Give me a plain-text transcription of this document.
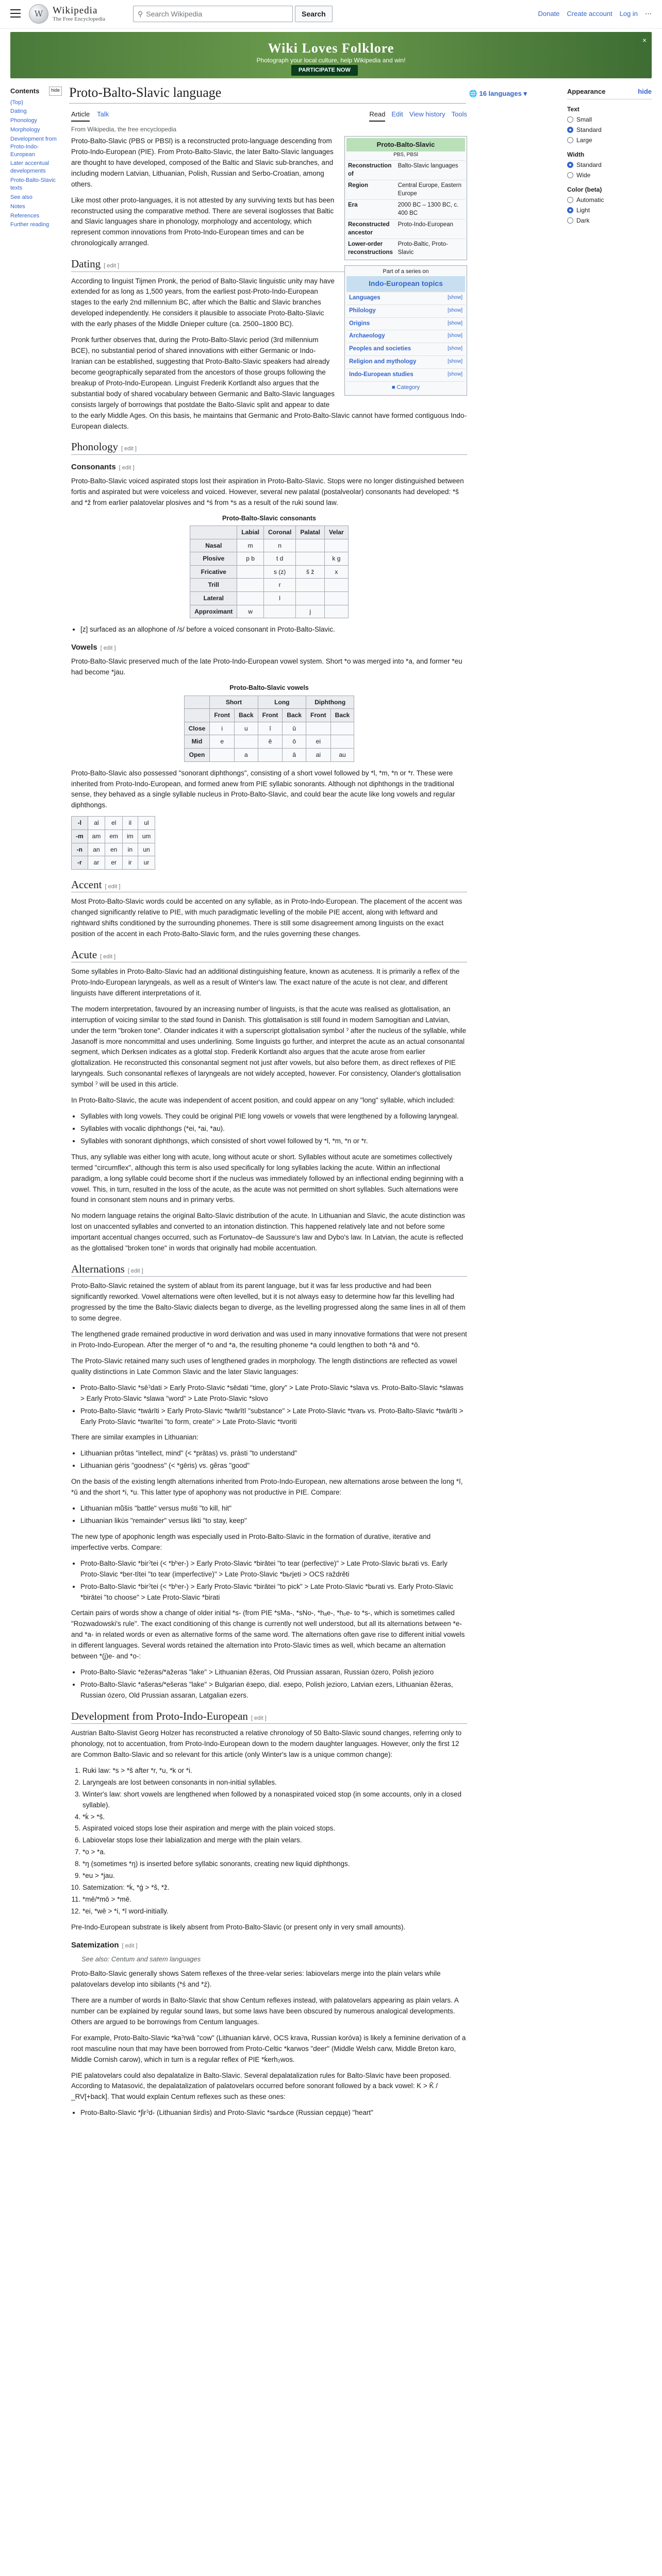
W Wikipedia
The Free Encyclopedia
⚲ Search Wikipedia	Search	Donate Create account Log in ⋯
Wiki Loves Folklore
Photograph your local culture, help Wikipedia and win!
PARTICIPATE NOW
×
Contents	hide
(Top)
Dating
Phonology
Morphology
Development from Proto-Indo-European
Later accentual developments
Proto-Balto-Slavic texts
See also
Notes
References
Further reading
Proto-Balto-Slavic language	🌐 16 languages ▾
Article Talk	Read Edit View history Tools
From Wikipedia, the free encyclopedia
Appearance	hide
Text
Small
Standard
Large
Width
Standard
Wide
Color (beta)
Automatic
Light
Dark
Proto-Balto-Slavic
PBS, PBSl
Reconstruction of	Balto-Slavic languages
Region	Central Europe, Eastern Europe
Era	2000 BC – 1300 BC, c. 400 BC
Reconstructed ancestor	Proto-Indo-European
Lower-order reconstructions	Proto-Baltic, Proto-Slavic
Part of a series on
Indo-European topics
Languages	[show]
Philology	[show]
Origins	[show]
Archaeology	[show]
Peoples and societies	[show]
Religion and mythology	[show]
Indo-European studies	[show]
■ Category

Proto-Balto-Slavic (PBS or PBSl) is a reconstructed proto-language descending from Proto-Indo-European (PIE). From Proto-Balto-Slavic, the later Balto-Slavic languages are thought to have developed, composed of the Baltic and Slavic sub-branches, and including modern Latvian, Lithuanian, Polish, Russian and Serbo-Croatian, among others.

Like most other proto-languages, it is not attested by any surviving texts but has been reconstructed using the comparative method. There are several isoglosses that Baltic and Slavic languages share in phonology, morphology and accentology, which represent common innovations from Proto-Indo-European times and can be chronologically arranged.

Dating [ edit ]

According to linguist Tijmen Pronk, the period of Balto-Slavic linguistic unity may have extended for as long as 1,500 years, from the earliest post-Proto-Indo-European stages to the early 2nd millennium BC, after which the Baltic and Slavic branches developed independently. He considers it plausible to associate Proto-Balto-Slavic with the early phases of the Middle Dnieper culture (ca. 2500–1800 BC).

Pronk further observes that, during the Proto-Balto-Slavic period (3rd millennium BCE), no substantial period of shared innovations with either Germanic or Indo-Iranian can be established, suggesting that Proto-Balto-Slavic speakers had already become geographically separated from the ancestors of those groups following the breakup of Proto-Indo-European. Linguist Frederik Kortlandt also argues that the substantial body of shared vocabulary between Germanic and Balto-Slavic languages consists largely of borrowings that postdate the Balto-Slavic split and appear to date to the early Middle Ages. On this basis, he maintains that Germanic and Proto-Balto-Slavic cannot have formed contiguous Indo-European dialects.

Phonology [ edit ]
Consonants [ edit ]

Proto-Balto-Slavic voiced aspirated stops lost their aspiration in Proto-Balto-Slavic. Stops were no longer distinguished between fortis and aspirated but were voiceless and voiced. However, several new palatal (postalveolar) consonants had developed: *š and *ž from earlier palatovelar plosives and *ś from *s as a result of the ruki sound law.

Proto-Balto-Slavic consonants
	Labial	Coronal	Palatal	Velar
Nasal	m	n		
Plosive	p b	t d		k g
Fricative		s (z)	š ž	x
Trill		r		
Lateral		l		
Approximant	w		j	
• [z] surfaced as an allophone of /s/ before a voiced consonant in Proto-Balto-Slavic.
Vowels [ edit ]

Proto-Balto-Slavic preserved much of the late Proto-Indo-European vowel system. Short *o was merged into *a, and former *eu had become *jau.

Proto-Balto-Slavic vowels
	Short		Long		Diphthong	
	Front	Back	Front	Back	Front	Back
Close	i	u	ī	ū		
Mid	e		ē	ō	ei	
Open		a		ā	ai	au

Proto-Balto-Slavic also possessed "sonorant diphthongs", consisting of a short vowel followed by *l, *m, *n or *r. These were inherited from Proto-Indo-European, and formed anew from PIE syllabic sonorants. Although not diphthongs in the traditional sense, they behaved as a single syllable nucleus in Proto-Balto-Slavic, and could bear the acute like long vowels and regular diphthongs.

-l	al	el	il	ul
-m	am	em	im	um
-n	an	en	in	un
-r	ar	er	ir	ur
Accent [ edit ]

Most Proto-Balto-Slavic words could be accented on any syllable, as in Proto-Indo-European. The placement of the accent was changed significantly relative to PIE, with much paradigmatic levelling of the mobile PIE accent, along with leftward and rightward shifts conditioned by the surrounding phonemes. There is still some disagreement among linguists on the exact position of the accent in each Proto-Balto-Slavic form, and the rules governing these changes.

Acute [ edit ]

Some syllables in Proto-Balto-Slavic had an additional distinguishing feature, known as acuteness. It is primarily a reflex of the Proto-Indo-European laryngeals, as well as a result of Winter's law. The exact nature of the acute is not clear, and different linguists have different interpretations of it.

The modern interpretation, favoured by an increasing number of linguists, is that the acute was realised as glottalisation, an interruption of voicing similar to the stød found in Danish. This glottalisation is still found in modern Samogitian and Latvian, under the term "broken tone". Olander indicates it with a superscript glottalisation symbol ˀ after the nucleus of the syllable, while Jasanoff is more noncommittal and uses underlining. Some linguists go further, and interpret the acute as an actual consonantal segment, which Derksen indicates as a glottal stop. Frederik Kortlandt also argues that the acute arose from earlier glottalization. He reconstructed this consonantal segment not just after vowels, but also before them, as direct reflexes of PIE laryngeals. Such consonantal reflexes of laryngeals are not widely accepted, however. For consistency, Olander's glottalisation symbol ˀ will be used in this article.

In Proto-Balto-Slavic, the acute was independent of accent position, and could appear on any "long" syllable, which included:

• Syllables with long vowels. They could be original PIE long vowels or vowels that were lengthened by a following laryngeal.
• Syllables with vocalic diphthongs (*ei, *ai, *au).
• Syllables with sonorant diphthongs, which consisted of short vowel followed by *l, *m, *n or *r.

Thus, any syllable was either long with acute, long without acute or short. Syllables without acute are sometimes collectively termed "circumflex", although this term is also used specifically for long syllables lacking the acute. Within an inflectional paradigm, a long syllable could become short if the nucleus was immediately followed by an inflectional ending beginning with a vowel. This, in turn, resulted in the loss of the acute, as the acute was not permitted on short syllables. Such alternations were found in consonant stem nouns and in primary verbs.

No modern language retains the original Balto-Slavic distribution of the acute. In Lithuanian and Slavic, the acute distinction was lost on unaccented syllables and converted to an intonation distinction. This happened relatively late and not before some important accentual changes occurred, such as Fortunatov–de Saussure's law and Dybo's law. In Latvian, the acute is reflected as the glottalised "broken tone" in words that originally had mobile accentuation.

Alternations [ edit ]

Proto-Balto-Slavic retained the system of ablaut from its parent language, but it was far less productive and had been significantly reworked. Vowel alternations were often levelled, but it is not always easy to determine how far this levelling had progressed by the time the Balto-Slavic dialects began to diverge, as the levelling progressed along the same lines in all of them to some degree.

The lengthened grade remained productive in word derivation and was used in many innovative formations that were not present in Proto-Indo-European. After the merger of *o and *a, the resulting phoneme *a could lengthen to both *ā and *ō.

The Proto-Slavic retained many such uses of lengthened grades in morphology. The length distinctions are reflected as vowel quality distinctions in Late Common Slavic and the later Slavic languages:

• Proto-Balto-Slavic *sēˀdati > Early Proto-Slavic *sēdati "time, glory" > Late Proto-Slavic *slava vs. Proto-Balto-Slavic *slawas > Early Proto-Slavic *slawa "word" > Late Proto-Slavic *slovo
• Proto-Balto-Slavic *twárīti > Early Proto-Slavic *twārītī "substance" > Late Proto-Slavic *tvarь vs. Proto-Balto-Slavic *twárīti > Early Proto-Slavic *twarītei "to form, create" > Late Proto-Slavic *tvoriti

There are similar examples in Lithuanian:

• Lithuanian prõtas "intellect, mind" (< *prātas) vs. pràsti "to understand"
• Lithuanian gėris "goodness" (< *gēris) vs. gẽras "good"

On the basis of the existing length alternations inherited from Proto-Indo-European, new alternations arose between the long *ī, *ū and the short *i, *u. This latter type of apophony was not productive in PIE. Compare:

• Lithuanian mū̃šis "battle" versus mušti "to kill, hit"
• Lithuanian likùs "remainder" versus likti "to stay, keep"

The new type of apophonic length was especially used in Proto-Balto-Slavic in the formation of durative, iterative and imperfective verbs. Compare:

• Proto-Balto-Slavic *birˀtei (< *bʰer-) > Early Proto-Slavic *birātei "to tear (perfective)" > Late Proto-Slavic bьrati vs. Early Proto-Slavic *ber-tītei "to tear (imperfective)" > Late Proto-Slavic *bьrjeti > OCS raždrěti
• Proto-Balto-Slavic *birˀtei (< *bʰer-) > Early Proto-Slavic *birātei "to pick" > Late Proto-Slavic *bьrati vs. Early Proto-Slavic *birātei "to choose" > Late Proto-Slavic *birati

Certain pairs of words show a change of older initial *s- (from PIE *sMa-, *sNo-, *hₐe-, *hₒe- to *s-, which is sometimes called "Rozwadowski's rule". The exact conditioning of this change is currently not well understood, but all its alternations between *e- and *a- in related words or even as alternative forms of the same word. The alternations often gave rise to different initial vowels in different languages. Several words retained the alternation into Proto-Slavic times as well, which became an alternation between *(j)e- and *o-:

• Proto-Balto-Slavic *ežeras/*ažeras "lake" > Lithuanian ẽžeras, Old Prussian assaran, Russian ózero, Polish jezioro
• Proto-Balto-Slavic *ašeras/*ešeras "lake" > Bulgarian ёзеро, dial. езеро, Polish jezioro, Latvian ezers, Lithuanian ẽžeras, Russian ózero, Old Prussian assaran, Latgalian ezers.
Development from Proto-Indo-European [ edit ]

Austrian Balto-Slavist Georg Holzer has reconstructed a relative chronology of 50 Balto-Slavic sound changes, referring only to phonology, not to accentuation, from Proto-Indo-European down to the modern daughter languages. However, only the first 12 are Common Balto-Slavic and so relevant for this article (only Winter's law is a unique common change):

1. Ruki law: *s > *š after *r, *u, *k or *i.
2. Laryngeals are lost between consonants in non-initial syllables.
3. Winter's law: short vowels are lengthened when followed by a nonaspirated voiced stop (in some accounts, only in a closed syllable).
4. *ḱ > *š.
5. Aspirated voiced stops lose their aspiration and merge with the plain voiced stops.
6. Labiovelar stops lose their labialization and merge with the plain velars.
7. *o > *a.
8. *ŋ (sometimes *ŋ) is inserted before syllabic sonorants, creating new liquid diphthongs.
9. *eu > *jau.
10. Satemization: *ḱ, *ǵ > *š, *ž.
11. *mē/*mō > *mē.
12. *ei, *wē > *i, *ī word-initially.

Pre-Indo-European substrate is likely absent from Proto-Balto-Slavic (or present only in very small amounts).

Satemization [ edit ]
See also: Centum and satem languages

Proto-Balto-Slavic generally shows Satem reflexes of the three-velar series: labiovelars merge into the plain velars while palatovelars develop into sibilants (*ś and *ź).

There are a number of words in Balto-Slavic that show Centum reflexes instead, with palatovelars appearing as plain velars. A number can be explained by regular sound laws, but some laws have been obscured by numerous analogical developments. Others are argued to be borrowings from Centum languages.

For example, Proto-Balto-Slavic *kaˀrwā "cow" (Lithuanian kárvė, OCS krava, Russian koróva) is likely a feminine derivation of a root masculine noun that may have been borrowed from Proto-Celtic *karwos "deer" (Middle Welsh carw, Middle Breton karo, Middle Cornish carow), which in turn is a regular reflex of PIE *ḱerh₂wos.

PIE palatovelars could also depalatalize in Balto-Slavic. Several depalatalization rules for Balto-Slavic have been proposed. According to Matasović, the depalatalization of palatovelars occurred before sonorant followed by a back vowel: K > K̑ / _RV[+back]. That would explain Centum reflexes such as these ones:

• Proto-Balto-Slavic *ʃirˀd- (Lithuanian širdìs) and Proto-Slavic *sьrdьce (Russian сердце) "heart"
